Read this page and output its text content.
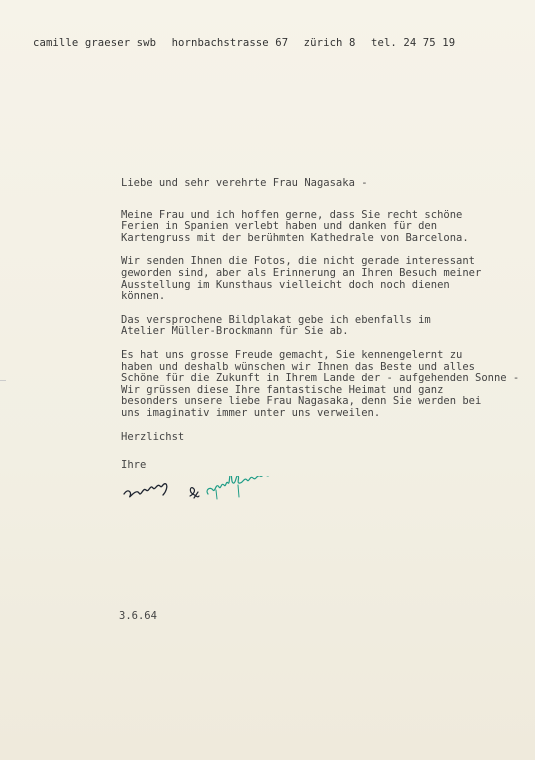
camille graeser swb hornbachstrasse 67 zürich 8 tel. 24 75 19
Liebe und sehr verehrte Frau Nagasaka -
Meine Frau und ich hoffen gerne, dass Sie recht schöne
Ferien in Spanien verlebt haben und danken für den
Kartengruss mit der berühmten Kathedrale von Barcelona.
Wir senden Ihnen die Fotos, die nicht gerade interessant
geworden sind, aber als Erinnerung an Ihren Besuch meiner
Ausstellung im Kunsthaus vielleicht doch noch dienen
können.
Das versprochene Bildplakat gebe ich ebenfalls im
Atelier Müller-Brockmann für Sie ab.
Es hat uns grosse Freude gemacht, Sie kennengelernt zu
haben und deshalb wünschen wir Ihnen das Beste und alles
Schöne für die Zukunft in Ihrem Lande der - aufgehenden Sonne -
Wir grüssen diese Ihre fantastische Heimat und ganz
besonders unsere liebe Frau Nagasaka, denn Sie werden bei
uns imaginativ immer unter uns verweilen.
Herzlichst
Ihre
3.6.64
